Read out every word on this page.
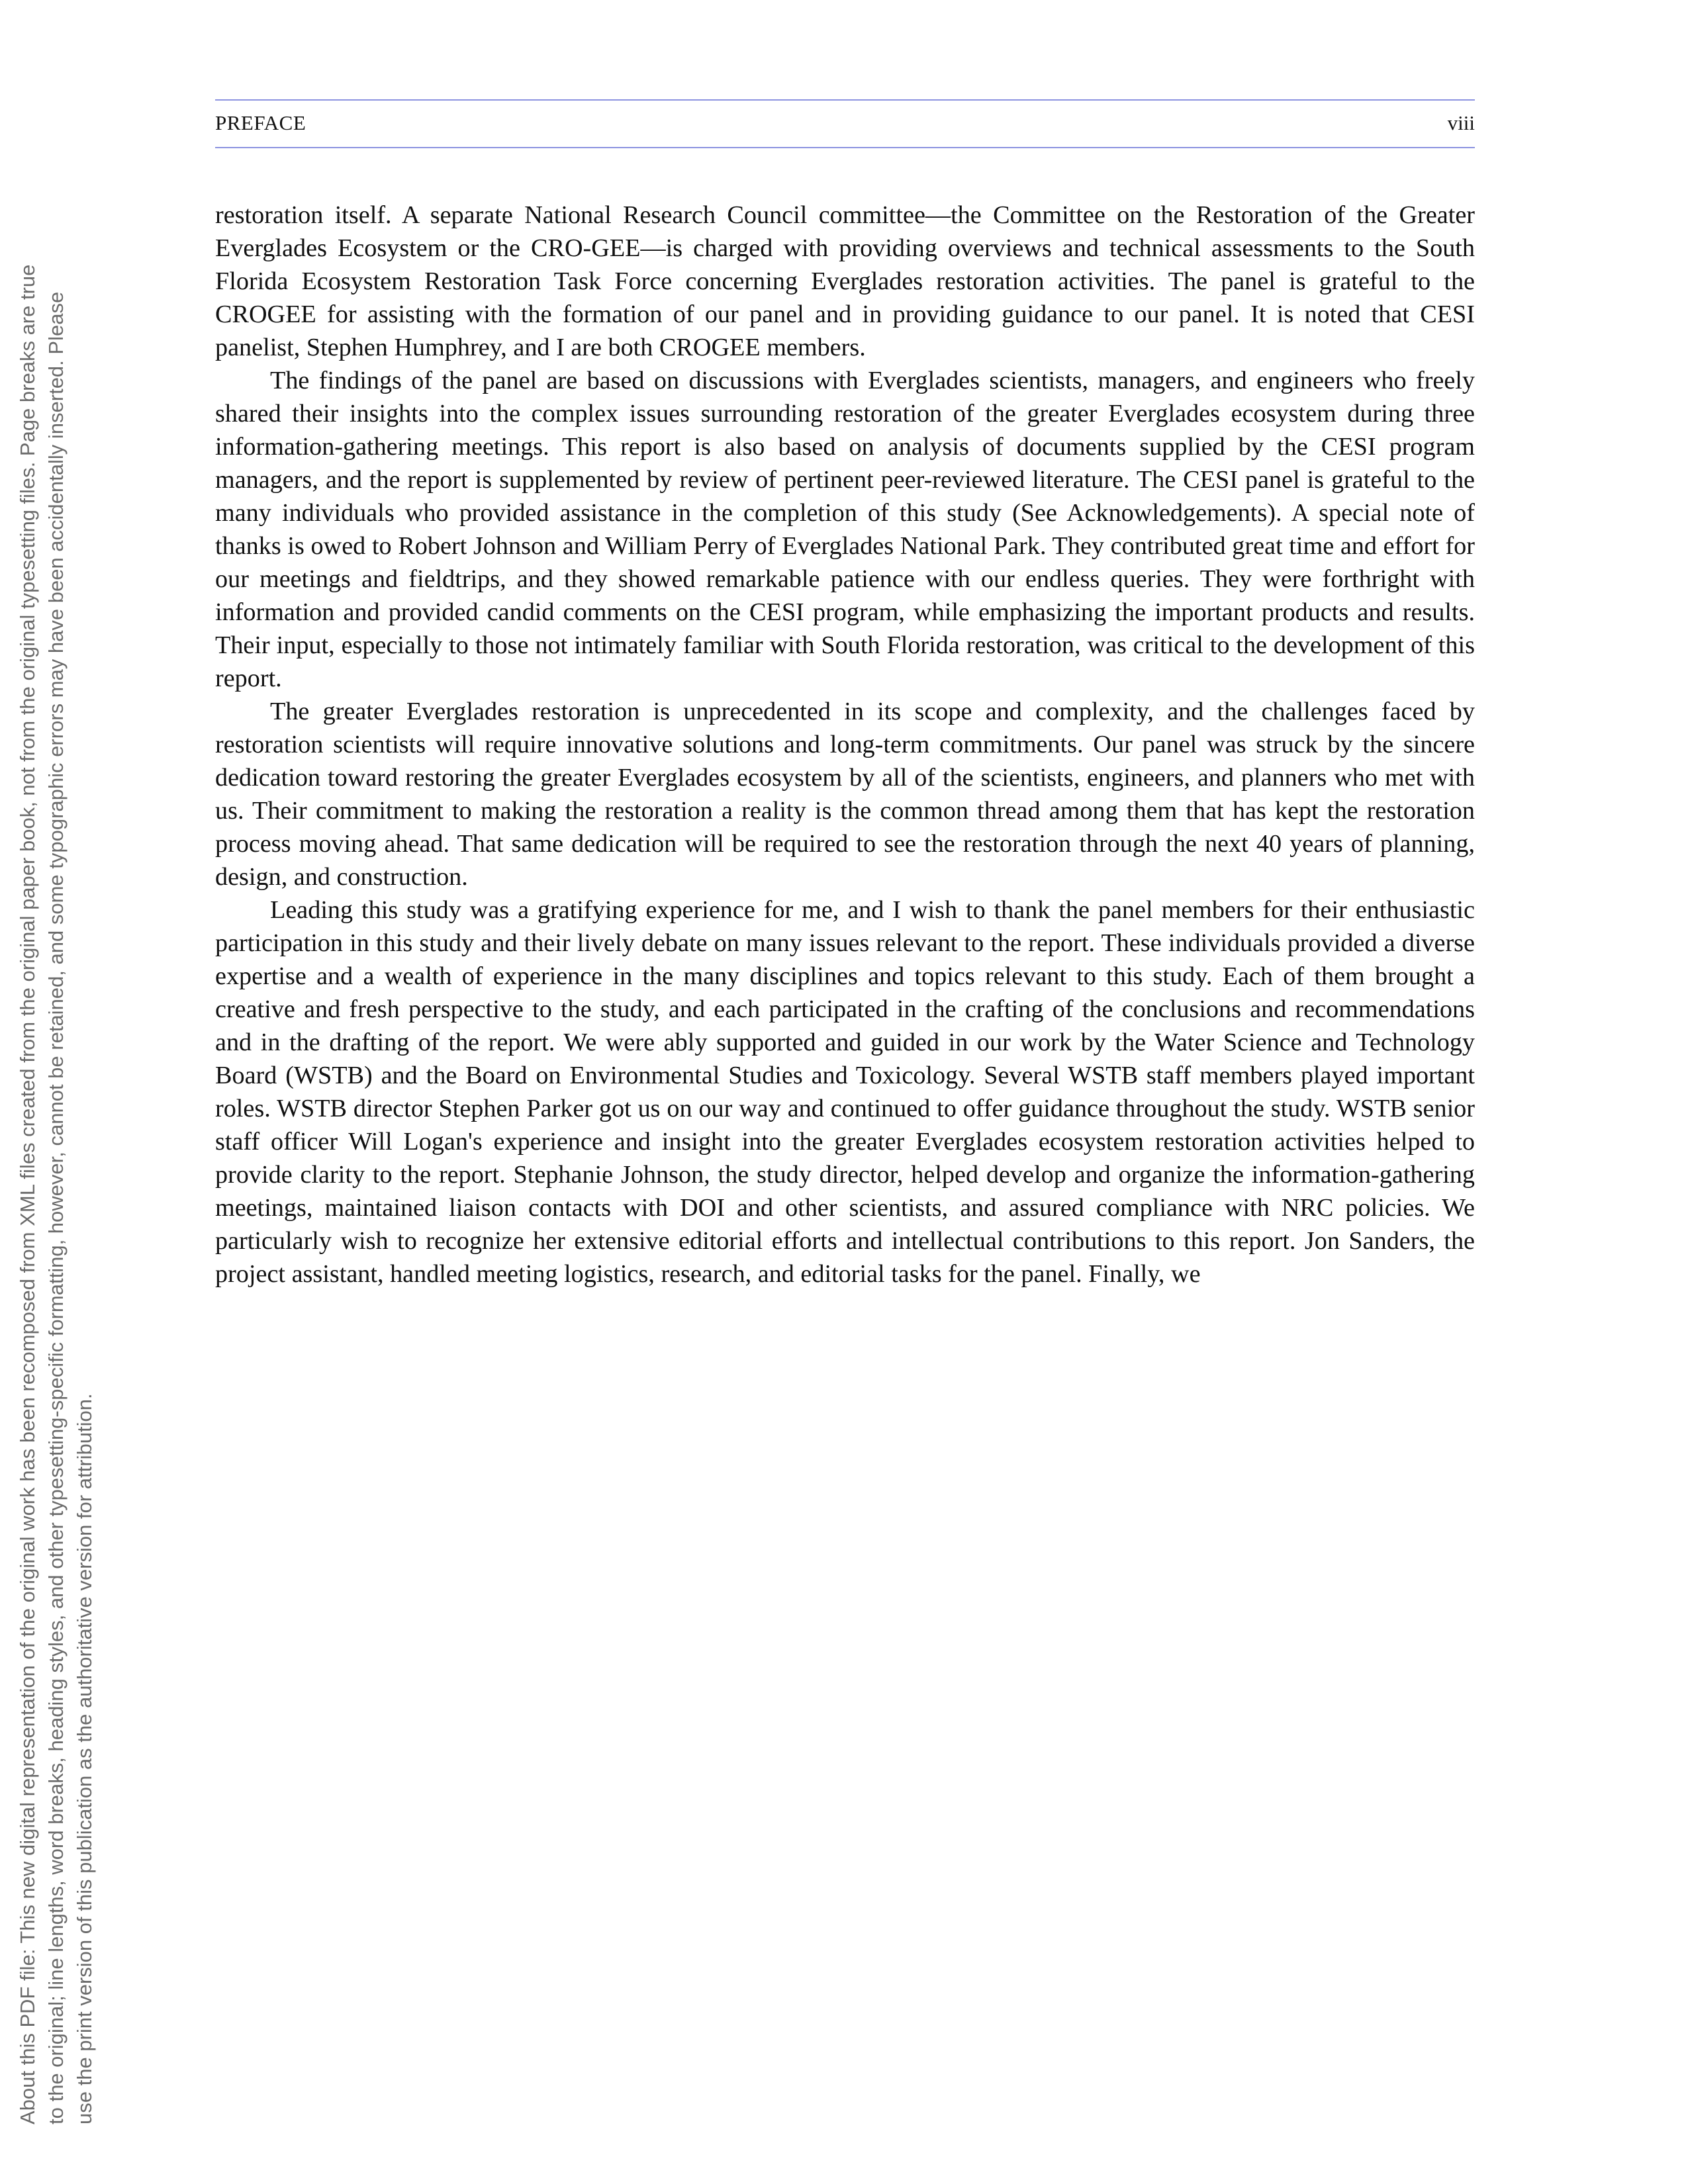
About this PDF file: This new digital representation of the original work has been recomposed from XML files created from the original paper book, not from the original typesetting files. Page breaks are true to the original; line lengths, word breaks, heading styles, and other typesetting-specific formatting, however, cannot be retained, and some typographic errors may have been accidentally inserted. Please use the print version of this publication as the authoritative version for attribution.
PREFACE	viii

restoration itself. A separate National Research Council committee—the Committee on the Restoration of the Greater Everglades Ecosystem or the CRO-GEE—is charged with providing overviews and technical assessments to the South Florida Ecosystem Restoration Task Force concerning Everglades restoration activities. The panel is grateful to the CROGEE for assisting with the formation of our panel and in providing guidance to our panel. It is noted that CESI panelist, Stephen Humphrey, and I are both CROGEE members.

The findings of the panel are based on discussions with Everglades scientists, managers, and engineers who freely shared their insights into the complex issues surrounding restoration of the greater Everglades ecosystem during three information-gathering meetings. This report is also based on analysis of documents supplied by the CESI program managers, and the report is supplemented by review of pertinent peer-reviewed literature. The CESI panel is grateful to the many individuals who provided assistance in the completion of this study (See Acknowledgements). A special note of thanks is owed to Robert Johnson and William Perry of Everglades National Park. They contributed great time and effort for our meetings and fieldtrips, and they showed remarkable patience with our endless queries. They were forthright with information and provided candid comments on the CESI program, while emphasizing the important products and results. Their input, especially to those not intimately familiar with South Florida restoration, was critical to the development of this report.

The greater Everglades restoration is unprecedented in its scope and complexity, and the challenges faced by restoration scientists will require innovative solutions and long-term commitments. Our panel was struck by the sincere dedication toward restoring the greater Everglades ecosystem by all of the scientists, engineers, and planners who met with us. Their commitment to making the restoration a reality is the common thread among them that has kept the restoration process moving ahead. That same dedication will be required to see the restoration through the next 40 years of planning, design, and construction.

Leading this study was a gratifying experience for me, and I wish to thank the panel members for their enthusiastic participation in this study and their lively debate on many issues relevant to the report. These individuals provided a diverse expertise and a wealth of experience in the many disciplines and topics relevant to this study. Each of them brought a creative and fresh perspective to the study, and each participated in the crafting of the conclusions and recommendations and in the drafting of the report. We were ably supported and guided in our work by the Water Science and Technology Board (WSTB) and the Board on Environmental Studies and Toxicology. Several WSTB staff members played important roles. WSTB director Stephen Parker got us on our way and continued to offer guidance throughout the study. WSTB senior staff officer Will Logan's experience and insight into the greater Everglades ecosystem restoration activities helped to provide clarity to the report. Stephanie Johnson, the study director, helped develop and organize the information-gathering meetings, maintained liaison contacts with DOI and other scientists, and assured compliance with NRC policies. We particularly wish to recognize her extensive editorial efforts and intellectual contributions to this report. Jon Sanders, the project assistant, handled meeting logistics, research, and editorial tasks for the panel. Finally, we
